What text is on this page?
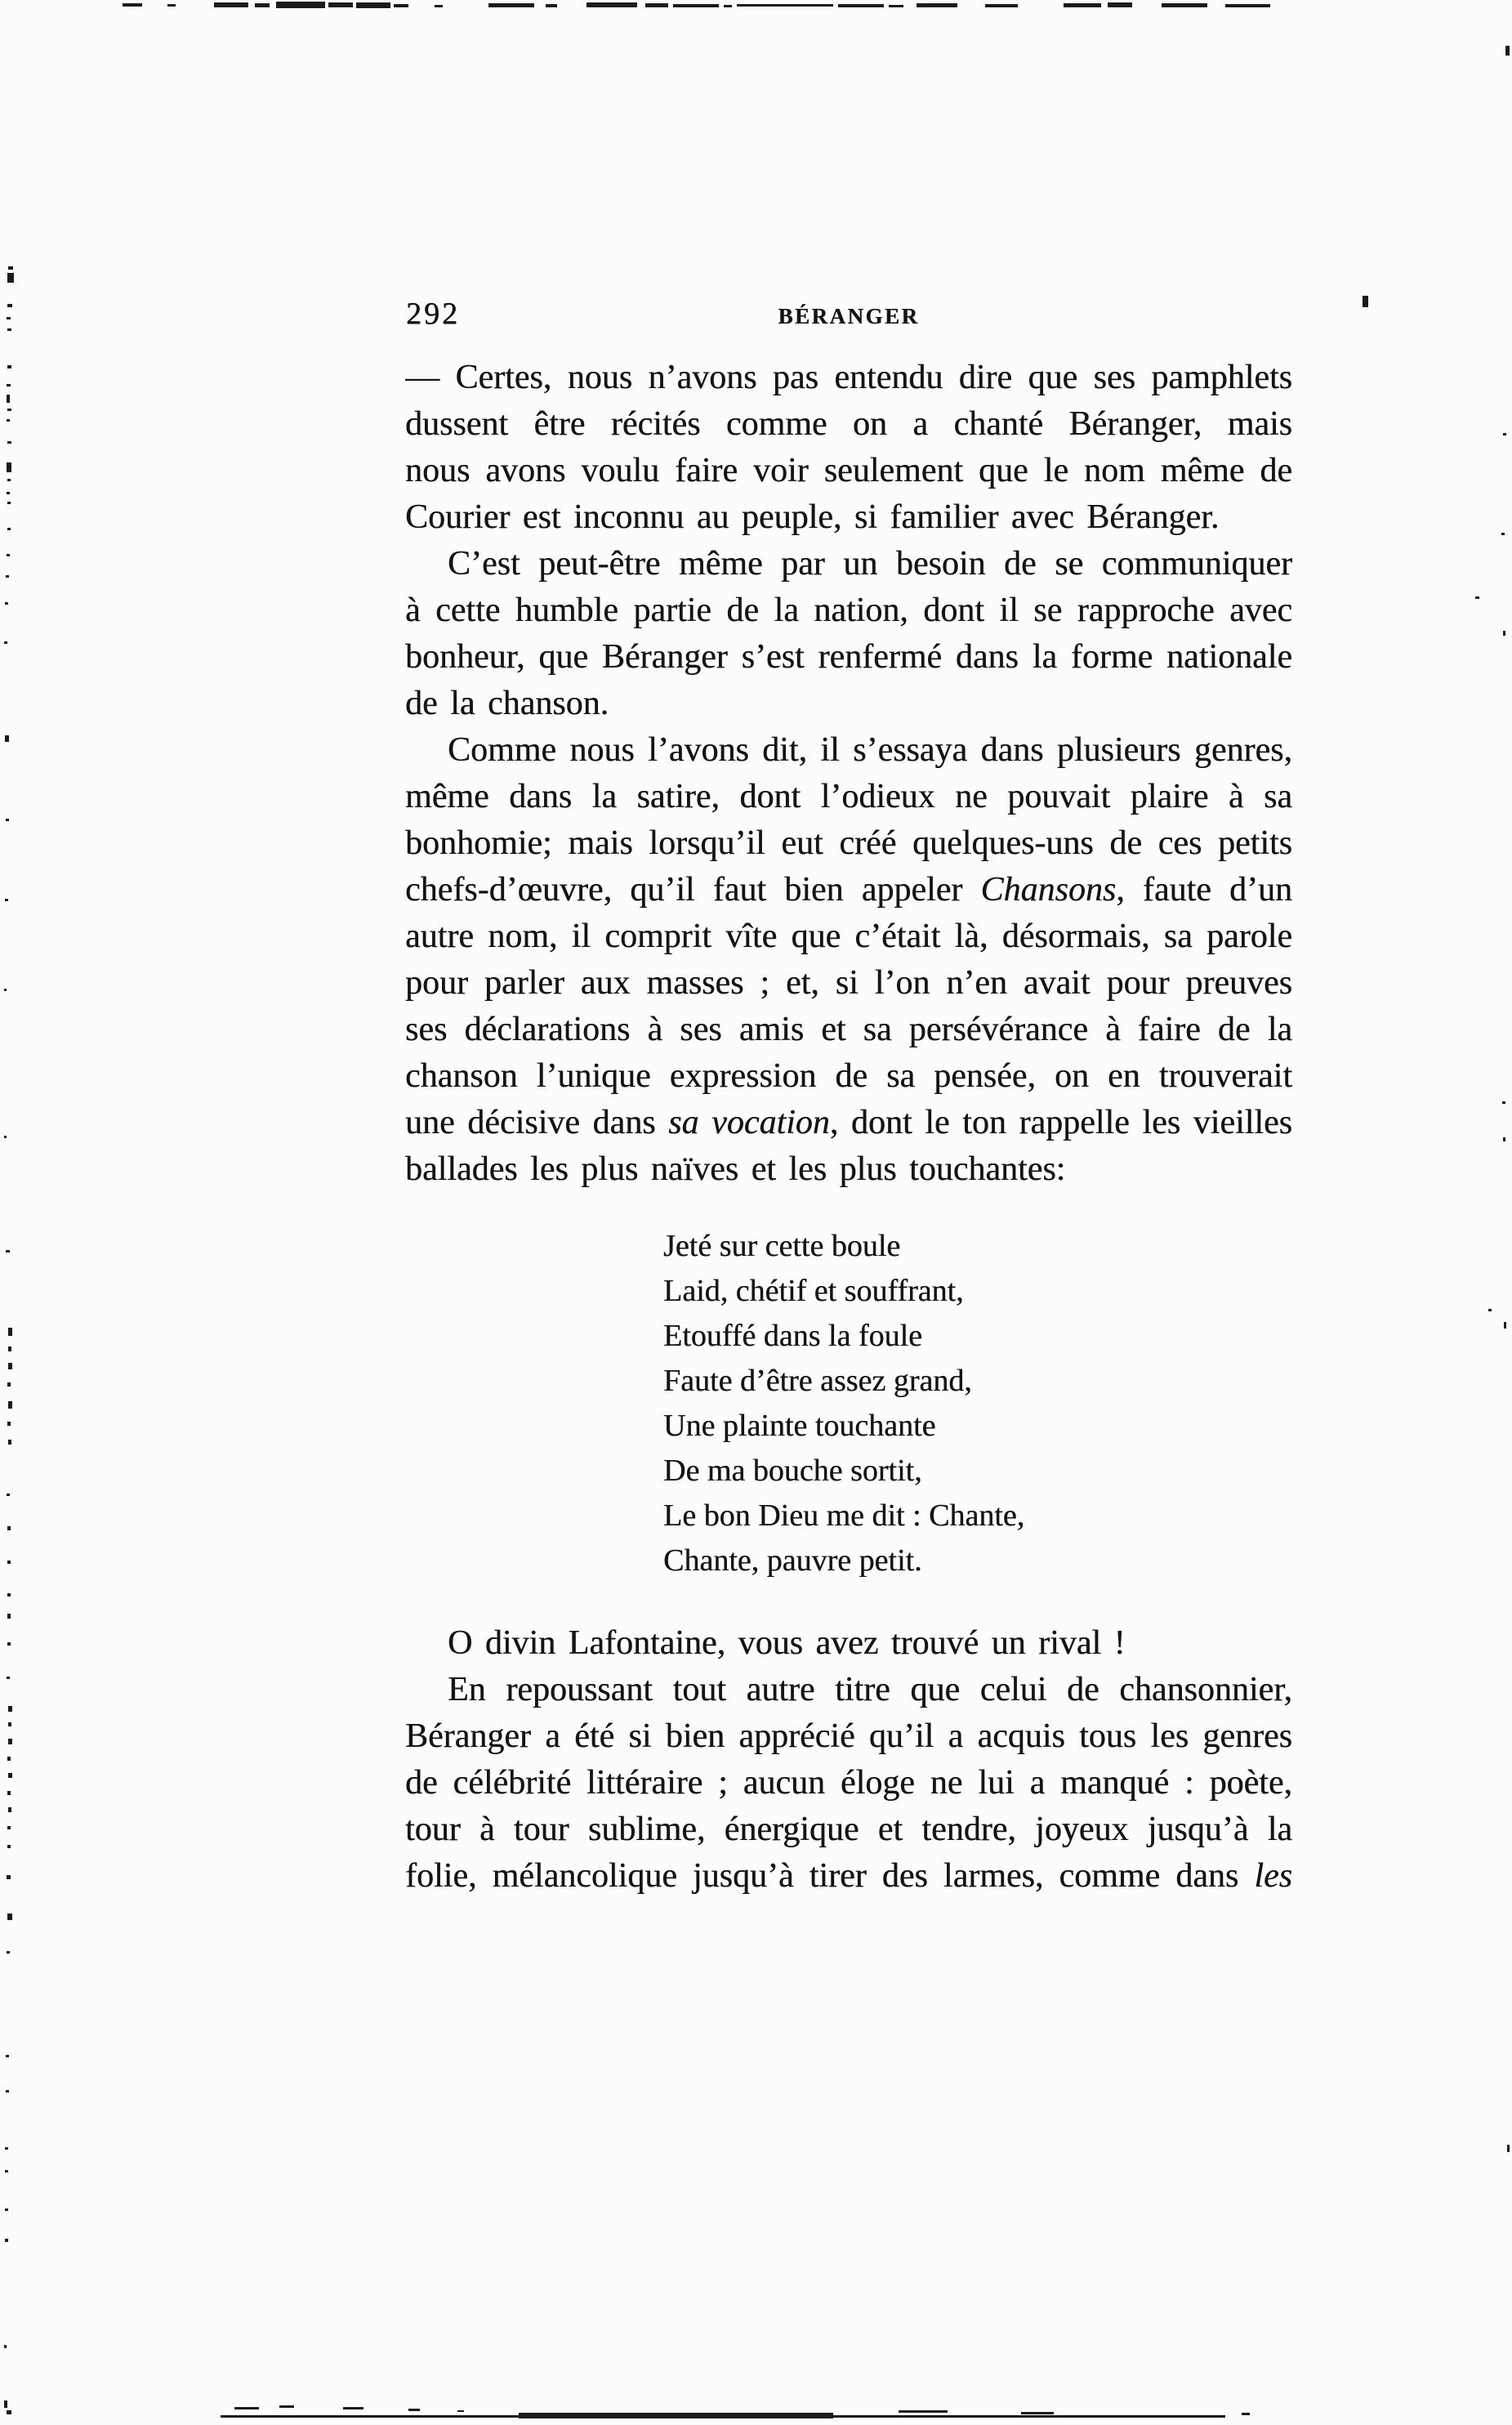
292	BÉRANGER
— Certes, nous n’avons pas entendu dire que ses pamphlets
dussent être récités comme on a chanté Béranger, mais
nous avons voulu faire voir seulement que le nom même de
Courier est inconnu au peuple, si familier avec Béranger.
C’est peut-être même par un besoin de se communiquer
à cette humble partie de la nation, dont il se rapproche avec
bonheur, que Béranger s’est renfermé dans la forme nationale
de la chanson.
Comme nous l’avons dit, il s’essaya dans plusieurs genres,
même dans la satire, dont l’odieux ne pouvait plaire à sa
bonhomie; mais lorsqu’il eut créé quelques-uns de ces petits
chefs-d’œuvre, qu’il faut bien appeler Chansons, faute d’un
autre nom, il comprit vîte que c’était là, désormais, sa parole
pour parler aux masses ; et, si l’on n’en avait pour preuves
ses déclarations à ses amis et sa persévérance à faire de la
chanson l’unique expression de sa pensée, on en trouverait
une décisive dans sa vocation, dont le ton rappelle les vieilles
ballades les plus naïves et les plus touchantes:
Jeté sur cette boule
Laid, chétif et souffrant,
Etouffé dans la foule
Faute d’être assez grand,
Une plainte touchante
De ma bouche sortit,
Le bon Dieu me dit : Chante,
Chante, pauvre petit.
O divin Lafontaine, vous avez trouvé un rival !
En repoussant tout autre titre que celui de chansonnier,
Béranger a été si bien apprécié qu’il a acquis tous les genres
de célébrité littéraire ; aucun éloge ne lui a manqué : poète,
tour à tour sublime, énergique et tendre, joyeux jusqu’à la
folie, mélancolique jusqu’à tirer des larmes, comme dans les
